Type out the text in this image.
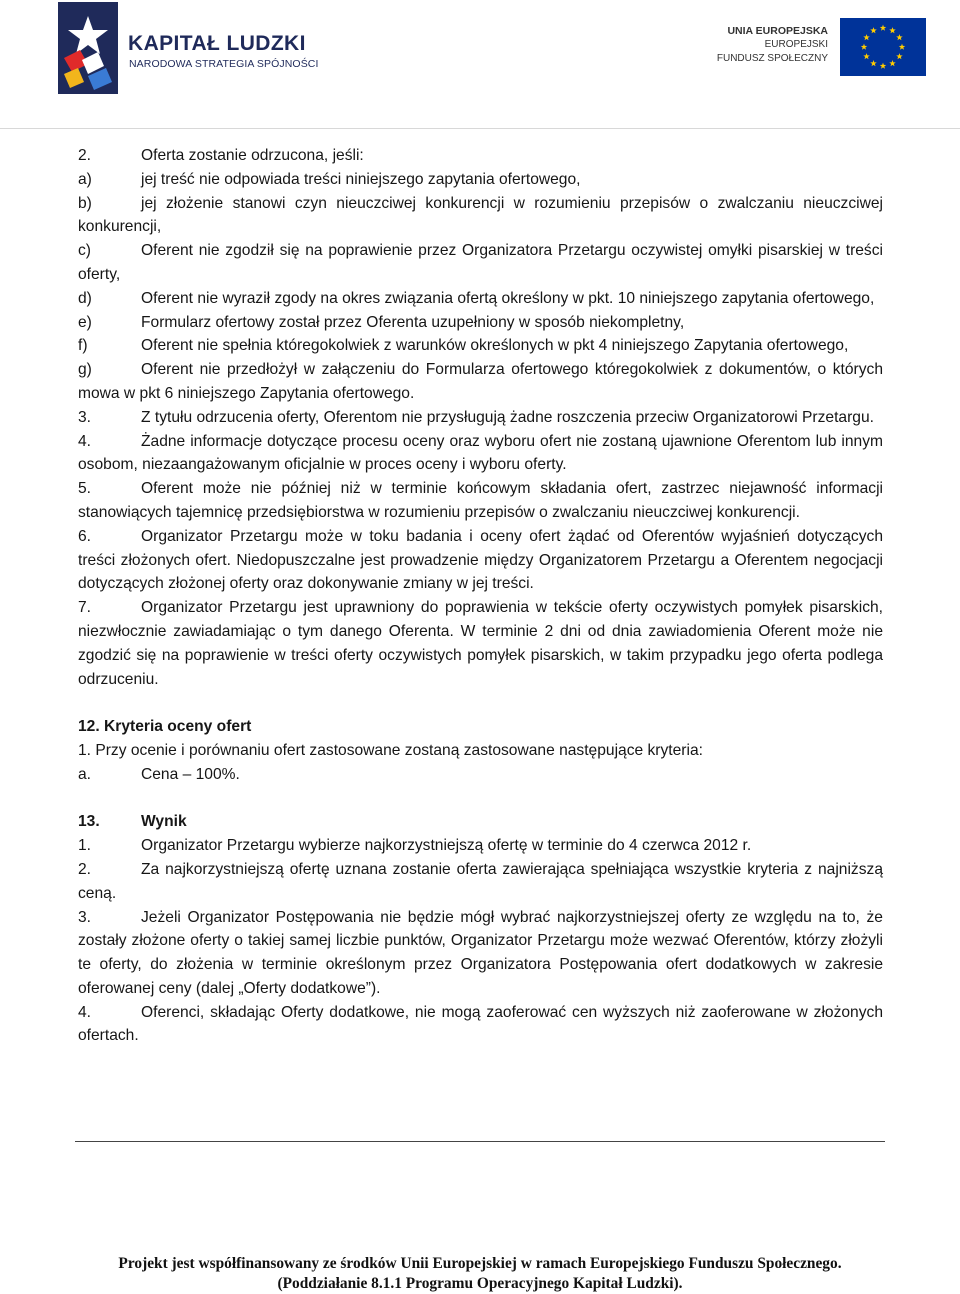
KAPITAŁ LUDZKI
NARODOWA STRATEGIA SPÓJNOŚCI
UNIA EUROPEJSKA
EUROPEJSKI
FUNDUSZ SPOŁECZNY

2.	Oferta zostanie odrzucona, jeśli:

a)	jej treść nie odpowiada treści niniejszego zapytania ofertowego,

b)	jej złożenie stanowi czyn nieuczciwej konkurencji w rozumieniu przepisów o zwalczaniu nieuczciwej konkurencji,

c)	Oferent nie zgodził się na poprawienie przez Organizatora Przetargu oczywistej omyłki pisarskiej w treści oferty,

d)	Oferent nie wyraził zgody na okres związania ofertą określony w pkt. 10 niniejszego zapytania ofertowego,

e)	Formularz ofertowy został przez Oferenta uzupełniony w sposób niekompletny,

f)	Oferent nie spełnia któregokolwiek z warunków określonych w pkt 4 niniejszego Zapytania ofertowego,

g)	Oferent nie przedłożył w załączeniu do Formularza ofertowego któregokolwiek z dokumentów, o których mowa w pkt 6 niniejszego Zapytania ofertowego.

3.	Z tytułu odrzucenia oferty, Oferentom nie przysługują żadne roszczenia przeciw Organizatorowi Przetargu.

4.	Żadne informacje dotyczące procesu oceny oraz wyboru ofert nie zostaną ujawnione Oferentom lub innym osobom, niezaangażowanym oficjalnie w proces oceny i wyboru oferty.

5.	Oferent może nie później niż w terminie końcowym składania ofert, zastrzec niejawność informacji stanowiących tajemnicę przedsiębiorstwa w rozumieniu przepisów o zwalczaniu nieuczciwej konkurencji.

6.	Organizator Przetargu może w toku badania i oceny ofert żądać od Oferentów wyjaśnień dotyczących treści złożonych ofert. Niedopuszczalne jest prowadzenie między Organizatorem Przetargu a Oferentem negocjacji dotyczących złożonej oferty oraz dokonywanie zmiany w jej treści.

7.	Organizator Przetargu jest uprawniony do poprawienia w tekście oferty oczywistych pomyłek pisarskich, niezwłocznie zawiadamiając o tym danego Oferenta. W terminie 2 dni od dnia zawiadomienia Oferent może nie zgodzić się na poprawienie w treści oferty oczywistych pomyłek pisarskich, w takim przypadku jego oferta podlega odrzuceniu.

12. Kryteria oceny ofert

1. Przy ocenie i porównaniu ofert zastosowane zostaną zastosowane następujące kryteria:

a.	Cena – 100%.

13.	Wynik

1.	Organizator Przetargu wybierze najkorzystniejszą ofertę w terminie do 4 czerwca 2012 r.

2.	Za najkorzystniejszą ofertę uznana zostanie oferta zawierająca spełniająca wszystkie kryteria z najniższą ceną.

3.	Jeżeli Organizator Postępowania nie będzie mógł wybrać najkorzystniejszej oferty ze względu na to, że zostały złożone oferty o takiej samej liczbie punktów, Organizator Przetargu może wezwać Oferentów, którzy złożyli te oferty, do złożenia w terminie określonym przez Organizatora Postępowania ofert dodatkowych w zakresie oferowanej ceny (dalej „Oferty dodatkowe”).

4.	Oferenci, składając Oferty dodatkowe, nie mogą zaoferować cen wyższych niż zaoferowane w złożonych ofertach.

Projekt jest współfinansowany ze środków Unii Europejskiej w ramach Europejskiego Funduszu Społecznego.
(Poddziałanie 8.1.1 Programu Operacyjnego Kapitał Ludzki).
